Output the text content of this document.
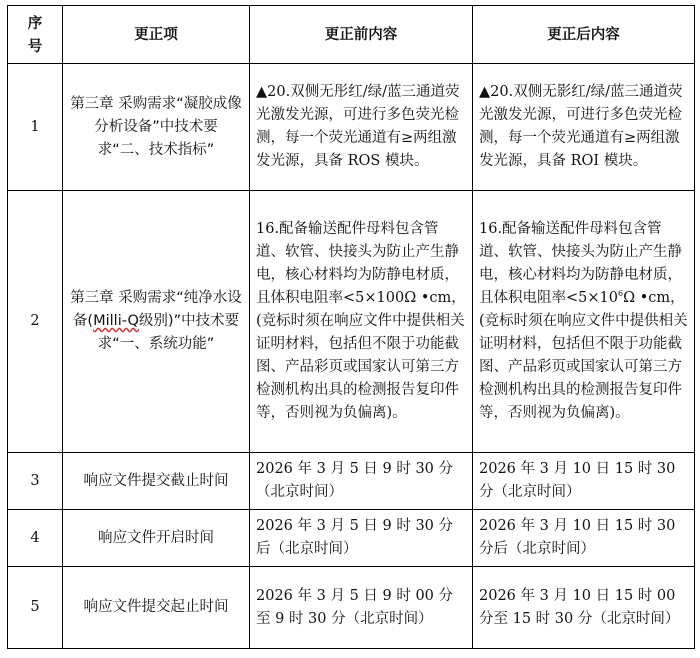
序号	更正项	更正前内容	更正后内容
1	第三章 采购需求“凝胶成像分析设备”中技术要求“二、技术指标”	▲20.双侧无彤红/绿/蓝三通道荧光激发光源，可进行多色荧光检测，每一个荧光通道有≥两组激发光源，具备 ROS 模块。	▲20.双侧无影红/绿/蓝三通道荧光激发光源，可进行多色荧光检测，每一个荧光通道有≥两组激发光源，具备 ROI 模块。
2	第三章 采购需求“纯净水设备(Milli-Q级别)”中技术要求“一、系统功能”	16.配备输送配件母料包含管道、软管、快接头为防止产生静电，核心材料均为防静电材质，且体积电阻率<5×100Ω •cm，(竞标时须在响应文件中提供相关证明材料，包括但不限于功能截图、产品彩页或国家认可第三方检测机构出具的检测报告复印件等，否则视为负偏离)。	16.配备输送配件母料包含管道、软管、快接头为防止产生静电，核心材料均为防静电材质，且体积电阻率$<5\times 10^6\Omega$ •cm，(竞标时须在响应文件中提供相关证明材料，包括但不限于功能截图、产品彩页或国家认可第三方检测机构出具的检测报告复印件等，否则视为负偏离)。
3	响应文件提交截止时间	2026 年 3 月 5 日 9 时 30 分（北京时间）	2026 年 3 月 10 日 15 时 30 分（北京时间）
4	响应文件开启时间	2026 年 3 月 5 日 9 时 30 分后（北京时间）	2026 年 3 月 10 日 15 时 30 分后（北京时间）
5	响应文件提交起止时间	2026 年 3 月 5 日 9 时 00 分至 9 时 30 分（北京时间）	2026 年 3 月 10 日 15 时 00 分至 15 时 30 分（北京时间）
